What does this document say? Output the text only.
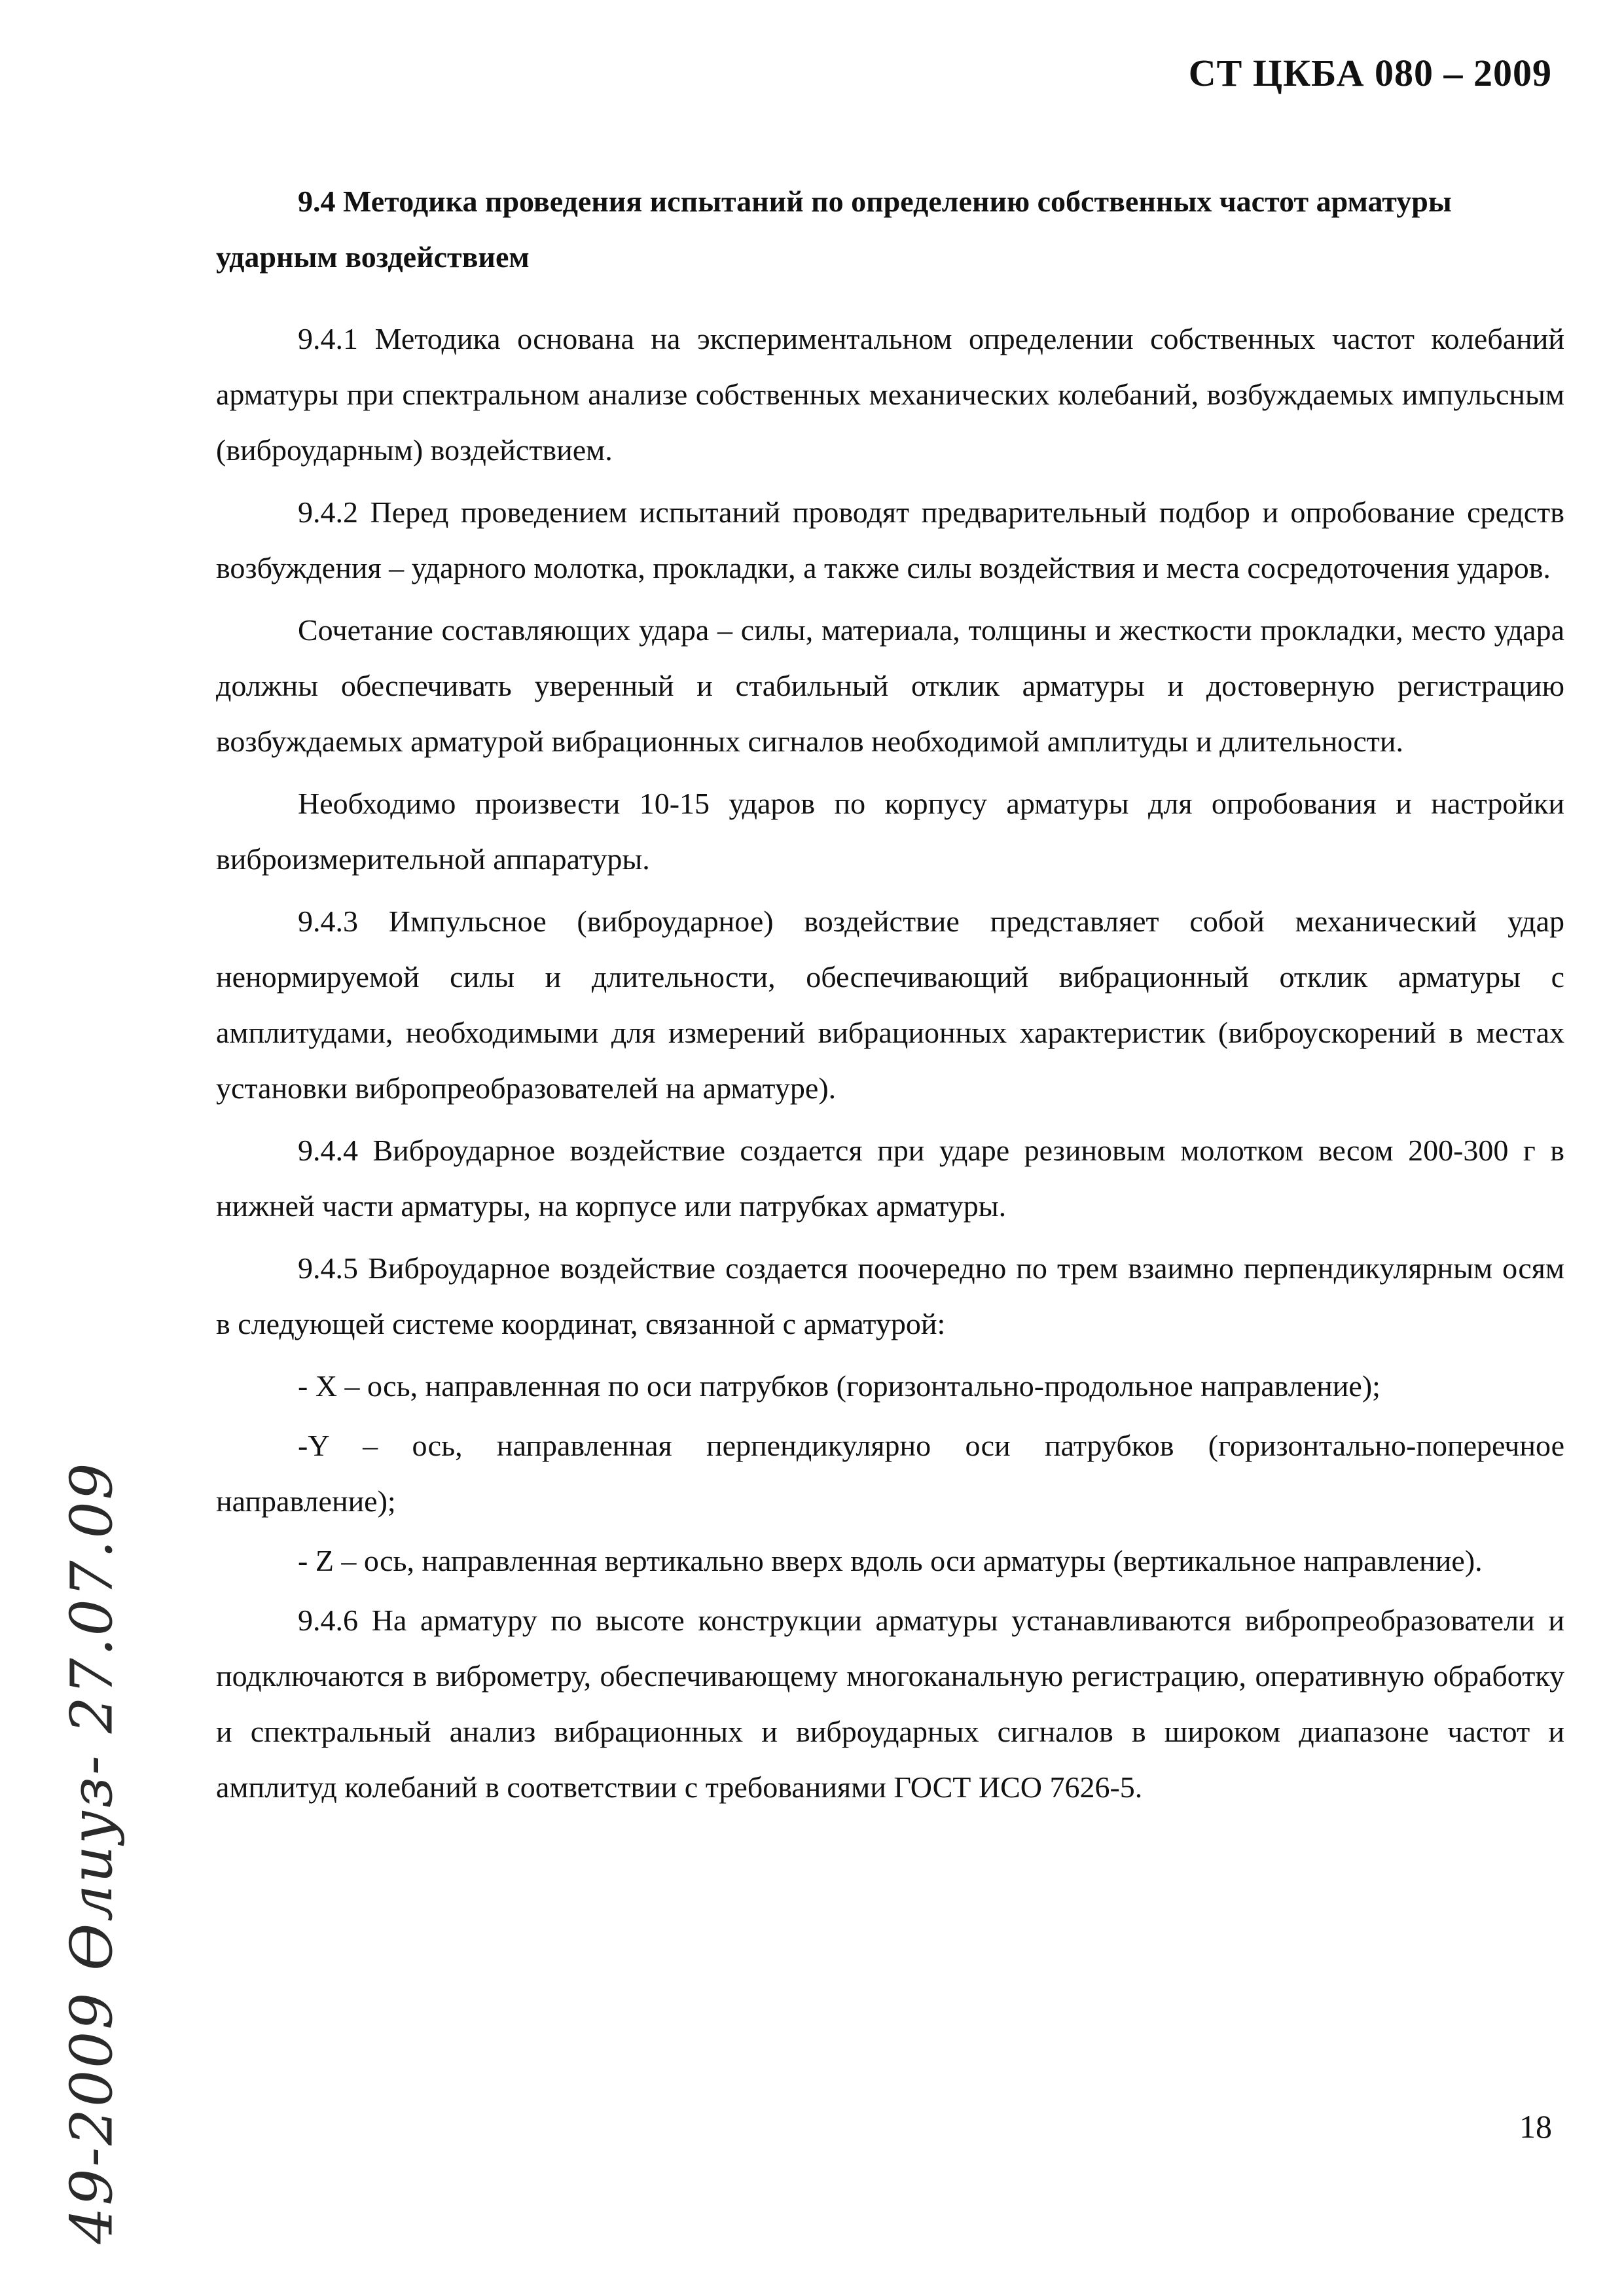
СТ ЦКБА 080 – 2009
9.4 Методика проведения испытаний по определению собственных частот арматуры ударным воздействием

9.4.1 Методика основана на экспериментальном определении собственных частот колебаний арматуры при спектральном анализе собственных механических колебаний, возбуждаемых импульсным (виброударным) воздействием.

9.4.2 Перед проведением испытаний проводят предварительный подбор и опробование средств возбуждения – ударного молотка, прокладки, а также силы воздействия и места сосредоточения ударов.

Сочетание составляющих удара – силы, материала, толщины и жесткости прокладки, место удара должны обеспечивать уверенный и стабильный отклик арматуры и достоверную регистрацию возбуждаемых арматурой вибрационных сигналов необходимой амплитуды и длительности.

Необходимо произвести 10-15 ударов по корпусу арматуры для опробования и настройки виброизмерительной аппаратуры.

9.4.3 Импульсное (виброударное) воздействие представляет собой механический удар ненормируемой силы и длительности, обеспечивающий вибрационный отклик арматуры с амплитудами, необходимыми для измерений вибрационных характеристик (виброускорений в местах установки вибропреобразователей на арматуре).

9.4.4 Виброударное воздействие создается при ударе резиновым молотком весом 200-300 г в нижней части арматуры, на корпусе или патрубках арматуры.

9.4.5 Виброударное воздействие создается поочередно по трем взаимно перпендикулярным осям в следующей системе координат, связанной с арматурой:

- X – ось, направленная по оси патрубков (горизонтально-продольное направление);

-Y – ось, направленная перпендикулярно оси патрубков (горизонтально-поперечное направление);

- Z – ось, направленная вертикально вверх вдоль оси арматуры (вертикальное направление).

9.4.6 На арматуру по высоте конструкции арматуры устанавливаются вибропреобразователи и подключаются в виброметру, обеспечивающему многоканальную регистрацию, оперативную обработку и спектральный анализ вибрационных и виброударных сигналов в широком диапазоне частот и амплитуд колебаний в соответствии с требованиями ГОСТ ИСО 7626-5.

49-2009 Ѳлиуз- 27.07.09	18
